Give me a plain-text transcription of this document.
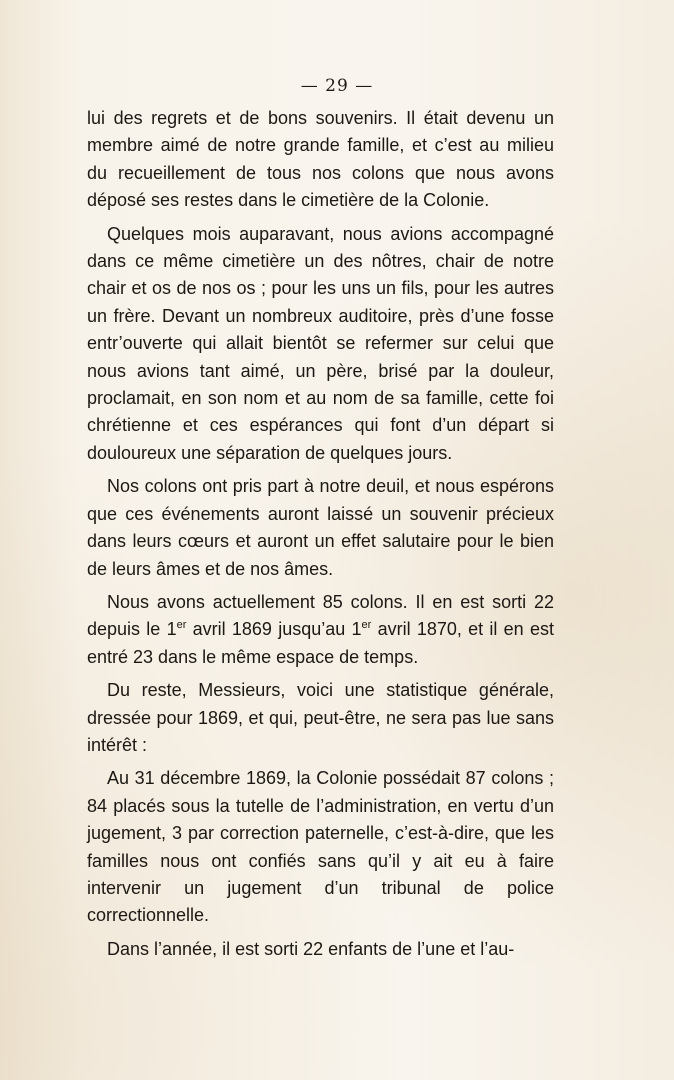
— 29 —

lui des regrets et de bons souvenirs. Il était devenu un membre aimé de notre grande famille, et c’est au milieu du recueillement de tous nos colons que nous avons déposé ses restes dans le cimetière de la Colonie.

Quelques mois auparavant, nous avions accompagné dans ce même cimetière un des nôtres, chair de notre chair et os de nos os ; pour les uns un fils, pour les autres un frère. Devant un nombreux auditoire, près d’une fosse entr’ouverte qui allait bientôt se refermer sur celui que nous avions tant aimé, un père, brisé par la douleur, proclamait, en son nom et au nom de sa famille, cette foi chrétienne et ces espérances qui font d’un départ si douloureux une séparation de quelques jours.

Nos colons ont pris part à notre deuil, et nous espérons que ces événements auront laissé un souvenir précieux dans leurs cœurs et auront un effet salutaire pour le bien de leurs âmes et de nos âmes.

Nous avons actuellement 85 colons. Il en est sorti 22 depuis le 1er avril 1869 jusqu’au 1er avril 1870, et il en est entré 23 dans le même espace de temps.

Du reste, Messieurs, voici une statistique générale, dressée pour 1869, et qui, peut-être, ne sera pas lue sans intérêt :

Au 31 décembre 1869, la Colonie possédait 87 colons ; 84 placés sous la tutelle de l’administration, en vertu d’un jugement, 3 par correction paternelle, c’est-à-dire, que les familles nous ont confiés sans qu’il y ait eu à faire intervenir un jugement d’un tribunal de police correctionnelle.

Dans l’année, il est sorti 22 enfants de l’une et l’au-
